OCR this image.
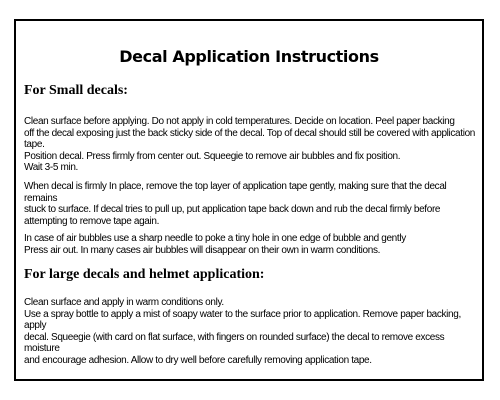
Decal Application Instructions
For Small decals:
Clean surface before applying. Do not apply in cold temperatures. Decide on location. Peel paper backing
off the decal exposing just the back sticky side of the decal. Top of decal should still be covered with application tape.
Position decal. Press firmly from center out. Squeegie to remove air bubbles and fix position.
Wait 3-5 min.
When decal is firmly In place, remove the top layer of application tape gently, making sure that the decal remains
stuck to surface. If decal tries to pull up, put application tape back down and rub the decal firmly before
attempting to remove tape again.
In case of air bubbles use a sharp needle to poke a tiny hole in one edge of bubble and gently
Press air out. In many cases air bubbles will disappear on their own in warm conditions.
For large decals and helmet application:
Clean surface and apply in warm conditions only.
Use a spray bottle to apply a mist of soapy water to the surface prior to application. Remove paper backing, apply
decal. Squeegie (with card on flat surface, with fingers on rounded surface) the decal to remove excess moisture
and encourage adhesion. Allow to dry well before carefully removing application tape.
